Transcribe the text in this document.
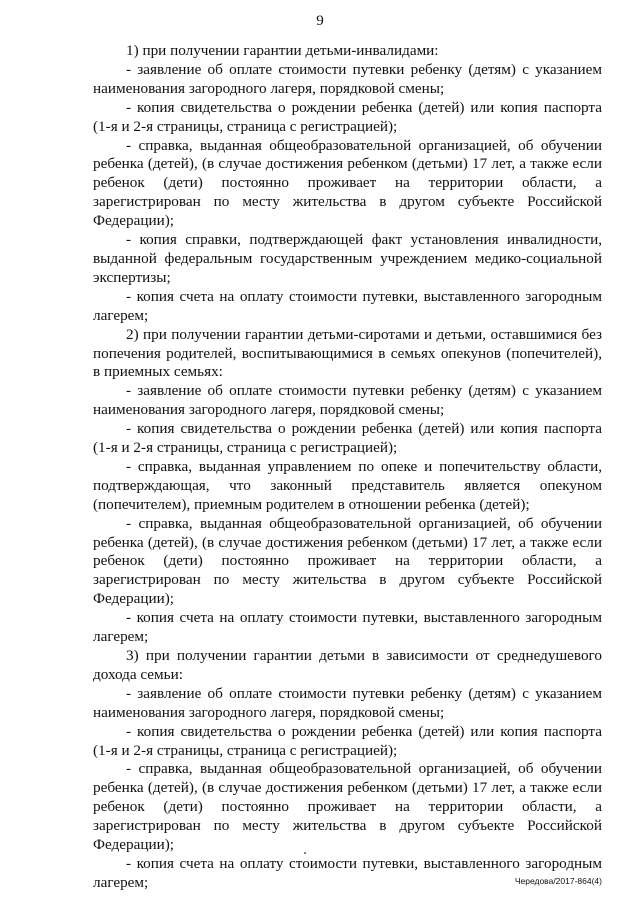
9

1) при получении гарантии детьми-инвалидами:

- заявление об оплате стоимости путевки ребенку (детям) с указанием наименования загородного лагеря, порядковой смены;

- копия свидетельства о рождении ребенка (детей) или копия паспорта (1-я и 2-я страницы, страница с регистрацией);

- справка, выданная общеобразовательной организацией, об обучении ребенка (детей), (в случае достижения ребенком (детьми) 17 лет, а также если ребенок (дети) постоянно проживает на территории области, а зарегистрирован по месту жительства в другом субъекте Российской Федерации);

- копия справки, подтверждающей факт установления инвалидности, выданной федеральным государственным учреждением медико-социальной экспертизы;

- копия счета на оплату стоимости путевки, выставленного загородным лагерем;

2) при получении гарантии детьми-сиротами и детьми, оставшимися без попечения родителей, воспитывающимися в семьях опекунов (попечителей), в приемных семьях:

- заявление об оплате стоимости путевки ребенку (детям) с указанием наименования загородного лагеря, порядковой смены;

- копия свидетельства о рождении ребенка (детей) или копия паспорта (1-я и 2-я страницы, страница с регистрацией);

- справка, выданная управлением по опеке и попечительству области, подтверждающая, что законный представитель является опекуном (попечителем), приемным родителем в отношении ребенка (детей);

- справка, выданная общеобразовательной организацией, об обучении ребенка (детей), (в случае достижения ребенком (детьми) 17 лет, а также если ребенок (дети) постоянно проживает на территории области, а зарегистрирован по месту жительства в другом субъекте Российской Федерации);

- копия счета на оплату стоимости путевки, выставленного загородным лагерем;

3) при получении гарантии детьми в зависимости от среднедушевого дохода семьи:

- заявление об оплате стоимости путевки ребенку (детям) с указанием наименования загородного лагеря, порядковой смены;

- копия свидетельства о рождении ребенка (детей) или копия паспорта (1-я и 2-я страницы, страница с регистрацией);

- справка, выданная общеобразовательной организацией, об обучении ребенка (детей), (в случае достижения ребенком (детьми) 17 лет, а также если ребенок (дети) постоянно проживает на территории области, а зарегистрирован по месту жительства в другом субъекте Российской Федерации);

- копия счета на оплату стоимости путевки, выставленного загородным лагерем;	Чередова/2017-864(4)
